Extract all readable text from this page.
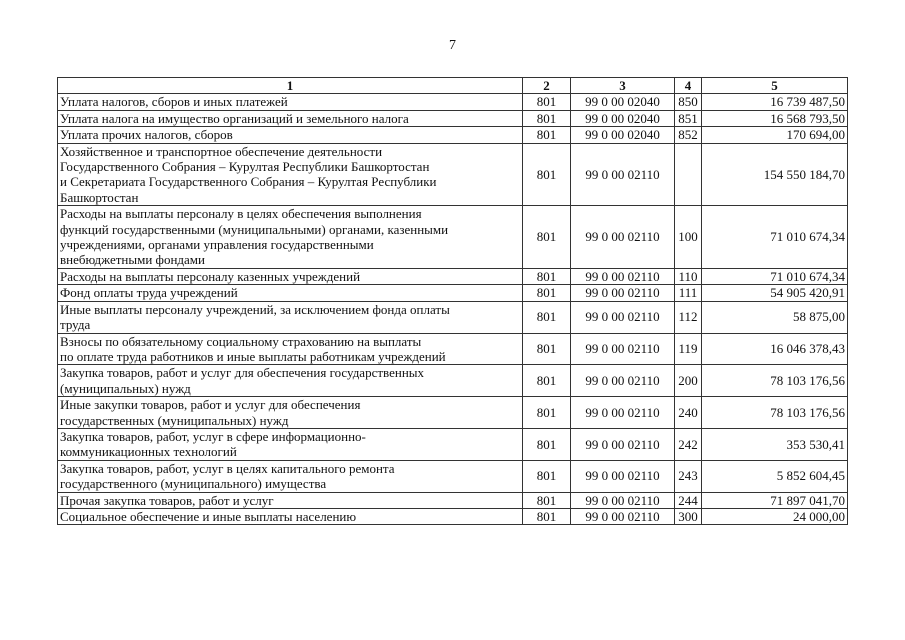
7
1	2	3	4	5
Уплата налогов, сборов и иных платежей	801	99 0 00 02040	850	16 739 487,50
Уплата налога на имущество организаций и земельного налога	801	99 0 00 02040	851	16 568 793,50
Уплата прочих налогов, сборов	801	99 0 00 02040	852	170 694,00
Хозяйственное и транспортное обеспечение деятельности
Государственного Собрания – Курултая Республики Башкортостан
и Секретариата Государственного Собрания – Курултая Республики
Башкортостан	801	99 0 00 02110		154 550 184,70
Расходы на выплаты персоналу в целях обеспечения выполнения
функций государственными (муниципальными) органами, казенными
учреждениями, органами управления государственными
внебюджетными фондами	801	99 0 00 02110	100	71 010 674,34
Расходы на выплаты персоналу казенных учреждений	801	99 0 00 02110	110	71 010 674,34
Фонд оплаты труда учреждений	801	99 0 00 02110	111	54 905 420,91
Иные выплаты персоналу учреждений, за исключением фонда оплаты
труда	801	99 0 00 02110	112	58 875,00
Взносы по обязательному социальному страхованию на выплаты
по оплате труда работников и иные выплаты работникам учреждений	801	99 0 00 02110	119	16 046 378,43
Закупка товаров, работ и услуг для обеспечения государственных
(муниципальных) нужд	801	99 0 00 02110	200	78 103 176,56
Иные закупки товаров, работ и услуг для обеспечения
государственных (муниципальных) нужд	801	99 0 00 02110	240	78 103 176,56
Закупка товаров, работ, услуг в сфере информационно-
коммуникационных технологий	801	99 0 00 02110	242	353 530,41
Закупка товаров, работ, услуг в целях капитального ремонта
государственного (муниципального) имущества	801	99 0 00 02110	243	5 852 604,45
Прочая закупка товаров, работ и услуг	801	99 0 00 02110	244	71 897 041,70
Социальное обеспечение и иные выплаты населению	801	99 0 00 02110	300	24 000,00
